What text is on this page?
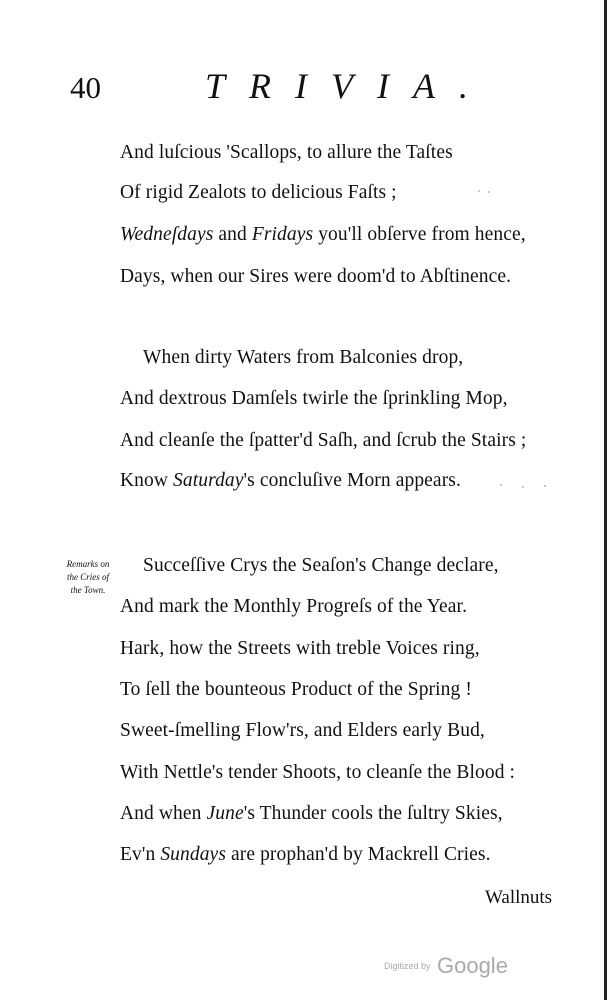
40	TRIVIA.
And luſcious 'Scallops, to allure the Taſtes
Of rigid Zealots to delicious Faſts ;
Wedneſdays and Fridays you'll obſerve from hence,
Days, when our Sires were doom'd to Abſtinence.
When dirty Waters from Balconies drop,
And dextrous Damſels twirle the ſprinkling Mop,
And cleanſe the ſpatter'd Saſh, and ſcrub the Stairs ;
Know Saturday's concluſive Morn appears.
Remarks on
the Cries of
the Town.
Succeſſive Crys the Seaſon's Change declare,
And mark the Monthly Progreſs of the Year.
Hark, how the Streets with treble Voices ring,
To ſell the bounteous Product of the Spring !
Sweet-ſmelling Flow'rs, and Elders early Bud,
With Nettle's tender Shoots, to cleanſe the Blood :
And when June's Thunder cools the ſultry Skies,
Ev'n Sundays are prophan'd by Mackrell Cries.
Wallnuts
Digitized by Google
